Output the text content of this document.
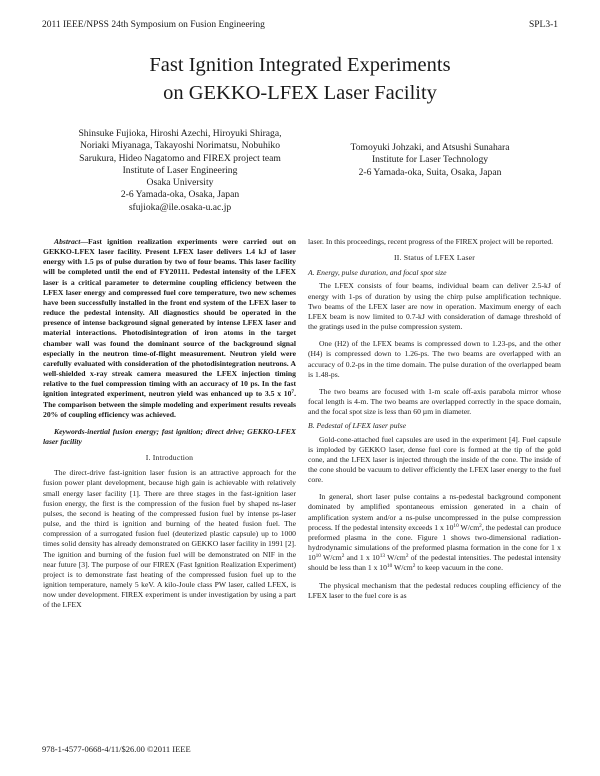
2011 IEEE/NPSS 24th Symposium on Fusion Engineering	SPL3-1
Fast Ignition Integrated Experiments
on GEKKO-LFEX Laser Facility
Shinsuke Fujioka, Hiroshi Azechi, Hiroyuki Shiraga,
Noriaki Miyanaga, Takayoshi Norimatsu, Nobuhiko
Sarukura, Hideo Nagatomo and FIREX project team
Institute of Laser Engineering
Osaka University
2-6 Yamada-oka, Osaka, Japan
sfujioka@ile.osaka-u.ac.jp
Tomoyuki Johzaki, and Atsushi Sunahara
Institute for Laser Technology
2-6 Yamada-oka, Suita, Osaka, Japan

Abstract—Fast ignition realization experiments were carried out on GEKKO-LFEX laser facility. Present LFEX laser delivers 1.4 kJ of laser energy with 1.5 ps of pulse duration by two of four beams. This laser facility will be completed until the end of FY20111. Pedestal intensity of the LFEX laser is a critical parameter to determine coupling efficiency between the LFEX laser energy and compressed fuel core temperature, two new schemes have been successfully installed in the front end system of the LFEX laser to reduce the pedestal intensity. All diagnostics should be operated in the presence of intense background signal generated by intense LFEX laser and material interactions. Photodisintegration of iron atoms in the target chamber wall was found the dominant source of the background signal especially in the neutron time-of-flight measurement. Neutron yield were carefully evaluated with consideration of the photodisintegration neutrons. A well-shielded x-ray streak camera measured the LFEX injection timing relative to the fuel compression timing with an accuracy of 10 ps. In the fast ignition integrated experiment, neutron yield was enhanced up to 3.5 x $10^7$. The comparison between the simple modeling and experiment results reveals 20% of coupling efficiency was achieved.

Keywords-inertial fusion energy; fast ignition; direct drive; GEKKO-LFEX laser facility

I. Introduction

The direct-drive fast-ignition laser fusion is an attractive approach for the fusion power plant development, because high gain is achievable with relatively small energy laser facility [1]. There are three stages in the fast-ignition laser fusion energy, the first is the compression of the fusion fuel by shaped ns-laser pulses, the second is heating of the compressed fusion fuel by intense ps-laser pulse, and the third is ignition and burning of the heated fusion fuel. The compression of a surrogated fusion fuel (deuterized plastic capsule) up to 1000 times solid density has already demonstrated on GEKKO laser facility in 1991 [2]. The ignition and burning of the fusion fuel will be demonstrated on NIF in the near future [3]. The purpose of our FIREX (Fast Ignition Realization Experiment) project is to demonstrate fast heating of the compressed fusion fuel up to the ignition temperature, namely 5 keV. A kilo-Joule class PW laser, called LFEX, is now under development. FIREX experiment is under investigation by using a part of the LFEX

laser. In this proceedings, recent progress of the FIREX project will be reported.

II. Status of LFEX Laser

A. Energy, pulse duration, and focal spot size

The LFEX consists of four beams, individual beam can deliver 2.5-kJ of energy with 1-ps of duration by using the chirp pulse amplification technique. Two beams of the LFEX laser are now in operation. Maximum energy of each LFEX beam is now limited to 0.7-kJ with consideration of damage threshold of the gratings used in the pulse compression system.

One (H2) of the LFEX beams is compressed down to 1.23-ps, and the other (H4) is compressed down to 1.26-ps. The two beams are overlapped with an accuracy of 0.2-ps in the time domain. The pulse duration of the overlapped beam is 1.48-ps.

The two beams are focused with 1-m scale off-axis parabola mirror whose focal length is 4-m. The two beams are overlapped correctly in the space domain, and the focal spot size is less than 60 µm in diameter.

B. Pedestal of LFEX laser pulse

Gold-cone-attached fuel capsules are used in the experiment [4]. Fuel capsule is imploded by GEKKO laser, dense fuel core is formed at the tip of the gold cone, and the LFEX laser is injected through the inside of the cone. The inside of the cone should be vacuum to deliver efficiently the LFEX laser energy to the fuel core.

In general, short laser pulse contains a ns-pedestal background component dominated by amplified spontaneous emission generated in a chain of amplification system and/or a ns-pulse uncompressed in the pulse compression process. If the pedestal intensity exceeds 1 x $10^{10}$ $W/cm^2$, the pedestal can produce preformed plasma in the cone. Figure 1 shows two-dimensional radiation-hydrodynamic simulations of the preformed plasma formation in the cone for 1 x $10^{10}$ $W/cm^2$ and 1 x $10^{13}$ $W/cm^2$ of the pedestal intensities. The pedestal intensity should be less than 1 x $10^{10}$ $W/cm^2$ to keep vacuum in the cone.

The physical mechanism that the pedestal reduces coupling efficiency of the LFEX laser to the fuel core is as

978-1-4577-0668-4/11/$26.00 ©2011 IEEE
